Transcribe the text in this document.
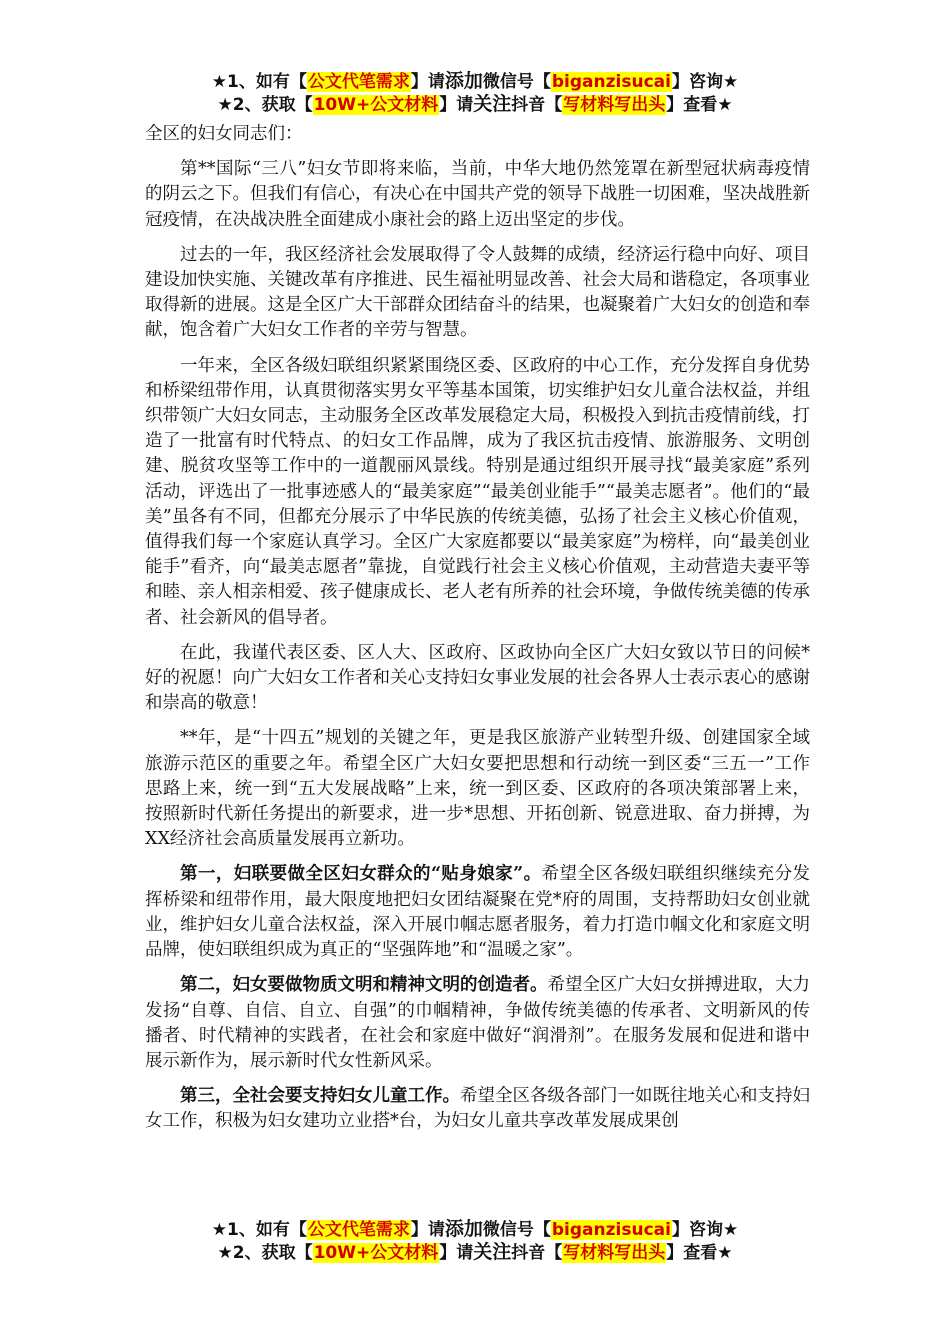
★1、如有【公文代笔需求】请添加微信号【biganzisucai】咨询★
★2、获取【10W+公文材料】请关注抖音【写材料写出头】查看★

全区的妇女同志们：

第**国际“三八”妇女节即将来临，当前，中华大地仍然笼罩在新型冠状病毒疫情的阴云之下。但我们有信心，有决心在中国共产党的领导下战胜一切困难，坚决战胜新冠疫情，在决战决胜全面建成小康社会的路上迈出坚定的步伐。

过去的一年，我区经济社会发展取得了令人鼓舞的成绩，经济运行稳中向好、项目建设加快实施、关键改革有序推进、民生福祉明显改善、社会大局和谐稳定，各项事业取得新的进展。这是全区广大干部群众团结奋斗的结果，也凝聚着广大妇女的创造和奉献，饱含着广大妇女工作者的辛劳与智慧。

一年来，全区各级妇联组织紧紧围绕区委、区政府的中心工作，充分发挥自身优势和桥梁纽带作用，认真贯彻落实男女平等基本国策，切实维护妇女儿童合法权益，并组织带领广大妇女同志，主动服务全区改革发展稳定大局，积极投入到抗击疫情前线，打造了一批富有时代特点、的妇女工作品牌，成为了我区抗击疫情、旅游服务、文明创建、脱贫攻坚等工作中的一道靓丽风景线。特别是通过组织开展寻找“最美家庭”系列活动，评选出了一批事迹感人的“最美家庭”“最美创业能手”“最美志愿者”。他们的“最美”虽各有不同，但都充分展示了中华民族的传统美德，弘扬了社会主义核心价值观，值得我们每一个家庭认真学习。全区广大家庭都要以“最美家庭”为榜样，向“最美创业能手”看齐，向“最美志愿者”靠拢，自觉践行社会主义核心价值观，主动营造夫妻平等和睦、亲人相亲相爱、孩子健康成长、老人老有所养的社会环境，争做传统美德的传承者、社会新风的倡导者。

在此，我谨代表区委、区人大、区政府、区政协向全区广大妇女致以节日的问候*好的祝愿！向广大妇女工作者和关心支持妇女事业发展的社会各界人士表示衷心的感谢和崇高的敬意！

**年，是“十四五”规划的关键之年，更是我区旅游产业转型升级、创建国家全域旅游示范区的重要之年。希望全区广大妇女要把思想和行动统一到区委“三五一”工作思路上来，统一到“五大发展战略”上来，统一到区委、区政府的各项决策部署上来，按照新时代新任务提出的新要求，进一步*思想、开拓创新、锐意进取、奋力拼搏，为XX经济社会高质量发展再立新功。

第一，妇联要做全区妇女群众的“贴身娘家”。希望全区各级妇联组织继续充分发挥桥梁和纽带作用，最大限度地把妇女团结凝聚在党*府的周围，支持帮助妇女创业就业，维护妇女儿童合法权益，深入开展巾帼志愿者服务，着力打造巾帼文化和家庭文明品牌，使妇联组织成为真正的“坚强阵地”和“温暖之家”。

第二，妇女要做物质文明和精神文明的创造者。希望全区广大妇女拼搏进取，大力发扬“自尊、自信、自立、自强”的巾帼精神，争做传统美德的传承者、文明新风的传播者、时代精神的实践者，在社会和家庭中做好“润滑剂”。在服务发展和促进和谐中展示新作为，展示新时代女性新风采。

第三，全社会要支持妇女儿童工作。希望全区各级各部门一如既往地关心和支持妇女工作，积极为妇女建功立业搭*台，为妇女儿童共享改革发展成果创

★1、如有【公文代笔需求】请添加微信号【biganzisucai】咨询★
★2、获取【10W+公文材料】请关注抖音【写材料写出头】查看★
